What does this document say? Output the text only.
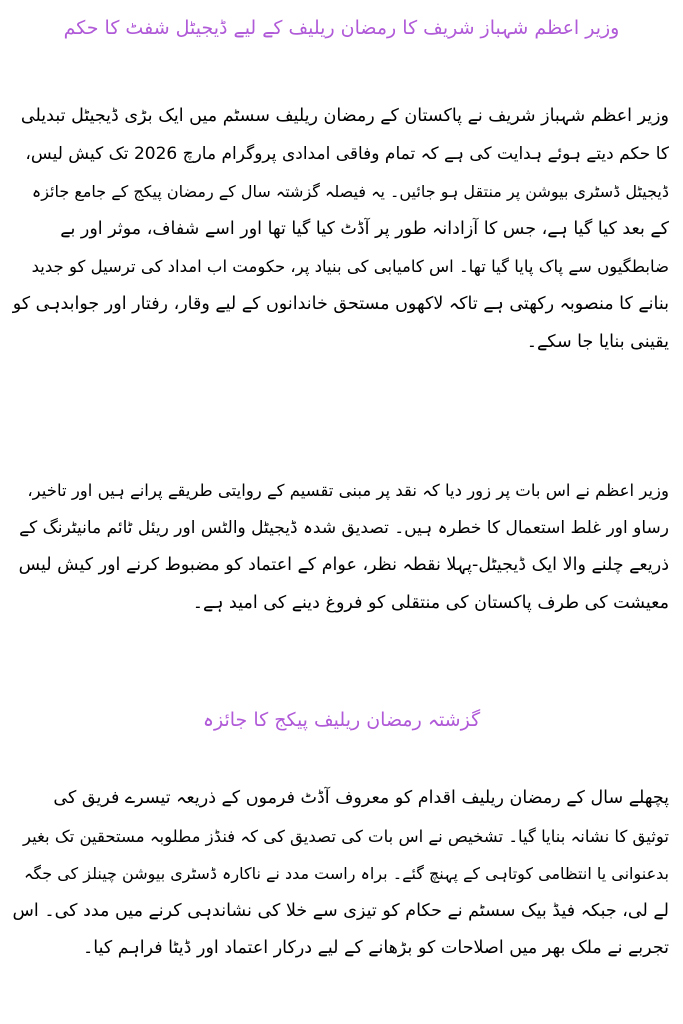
وزیر اعظم شہباز شریف کا رمضان ریلیف کے لیے ڈیجیٹل شفٹ کا حکم

وزیر اعظم شہباز شریف نے پاکستان کے رمضان ریلیف سسٹم میں ایک بڑی ڈیجیٹل تبدیلی
کا حکم دیتے ہوئے ہدایت کی ہے کہ تمام وفاقی امدادی پروگرام مارچ 2026 تک کیش لیس،
ڈیجیٹل ڈسٹری بیوشن پر منتقل ہو جائیں۔ یہ فیصلہ گزشتہ سال کے رمضان پیکج کے جامع جائزہ
کے بعد کیا گیا ہے، جس کا آزادانہ طور پر آڈٹ کیا گیا تھا اور اسے شفاف، موثر اور بے
ضابطگیوں سے پاک پایا گیا تھا۔ اس کامیابی کی بنیاد پر، حکومت اب امداد کی ترسیل کو جدید
بنانے کا منصوبہ رکھتی ہے تاکہ لاکھوں مستحق خاندانوں کے لیے وقار، رفتار اور جوابدہی کو
یقینی بنایا جا سکے۔

وزیر اعظم نے اس بات پر زور دیا کہ نقد پر مبنی تقسیم کے روایتی طریقے پرانے ہیں اور تاخیر،
رساو اور غلط استعمال کا خطرہ ہیں۔ تصدیق شدہ ڈیجیٹل والٹس اور ریئل ٹائم مانیٹرنگ کے
ذریعے چلنے والا ایک ڈیجیٹل-پہلا نقطہ نظر، عوام کے اعتماد کو مضبوط کرنے اور کیش لیس
معیشت کی طرف پاکستان کی منتقلی کو فروغ دینے کی امید ہے۔

گزشتہ رمضان ریلیف پیکج کا جائزہ

پچھلے سال کے رمضان ریلیف اقدام کو معروف آڈٹ فرموں کے ذریعہ تیسرے فریق کی
توثیق کا نشانہ بنایا گیا۔ تشخیص نے اس بات کی تصدیق کی کہ فنڈز مطلوبہ مستحقین تک بغیر
بدعنوانی یا انتظامی کوتاہی کے پہنچ گئے۔ براہ راست مدد نے ناکارہ ڈسٹری بیوشن چینلز کی جگہ
لے لی، جبکہ فیڈ بیک سسٹم نے حکام کو تیزی سے خلا کی نشاندہی کرنے میں مدد کی۔ اس
تجربے نے ملک بھر میں اصلاحات کو بڑھانے کے لیے درکار اعتماد اور ڈیٹا فراہم کیا۔
